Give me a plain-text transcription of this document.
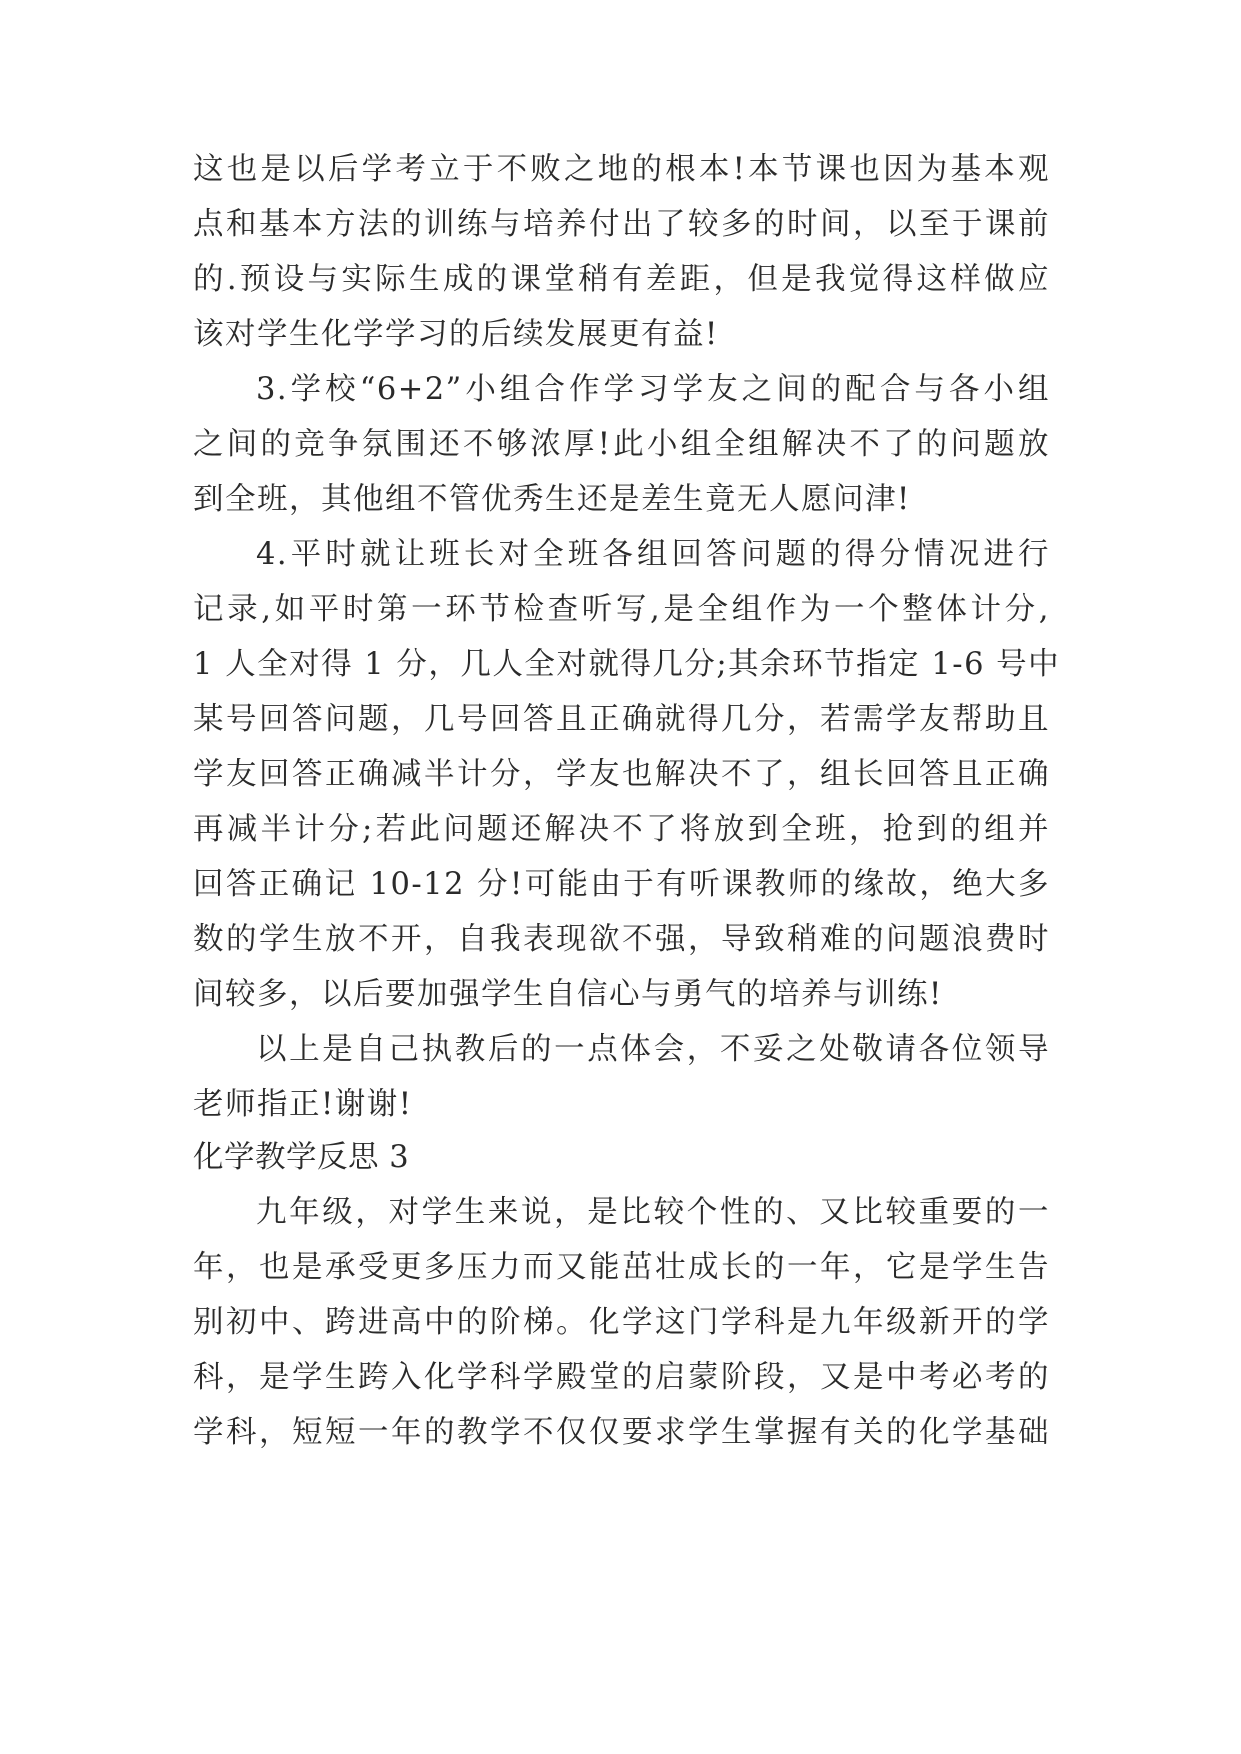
这也是以后学考立于不败之地的根本!本节课也因为基本观
点和基本方法的训练与培养付出了较多的时间，以至于课前
的.预设与实际生成的课堂稍有差距，但是我觉得这样做应
该对学生化学学习的后续发展更有益!
3.学校“6+2”小组合作学习学友之间的配合与各小组
之间的竞争氛围还不够浓厚!此小组全组解决不了的问题放
到全班，其他组不管优秀生还是差生竟无人愿问津!
4.平时就让班长对全班各组回答问题的得分情况进行
记录,如平时第一环节检查听写,是全组作为一个整体计分,
1 人全对得 1 分，几人全对就得几分;其余环节指定 1-6 号中
某号回答问题，几号回答且正确就得几分，若需学友帮助且
学友回答正确减半计分，学友也解决不了，组长回答且正确
再减半计分;若此问题还解决不了将放到全班，抢到的组并
回答正确记 10-12 分!可能由于有听课教师的缘故，绝大多
数的学生放不开，自我表现欲不强，导致稍难的问题浪费时
间较多，以后要加强学生自信心与勇气的培养与训练!
以上是自己执教后的一点体会，不妥之处敬请各位领导
老师指正!谢谢!
化学教学反思 3
九年级，对学生来说，是比较个性的、又比较重要的一
年，也是承受更多压力而又能茁壮成长的一年，它是学生告
别初中、跨进高中的阶梯。化学这门学科是九年级新开的学
科，是学生跨入化学科学殿堂的启蒙阶段，又是中考必考的
学科，短短一年的教学不仅仅要求学生掌握有关的化学基础
